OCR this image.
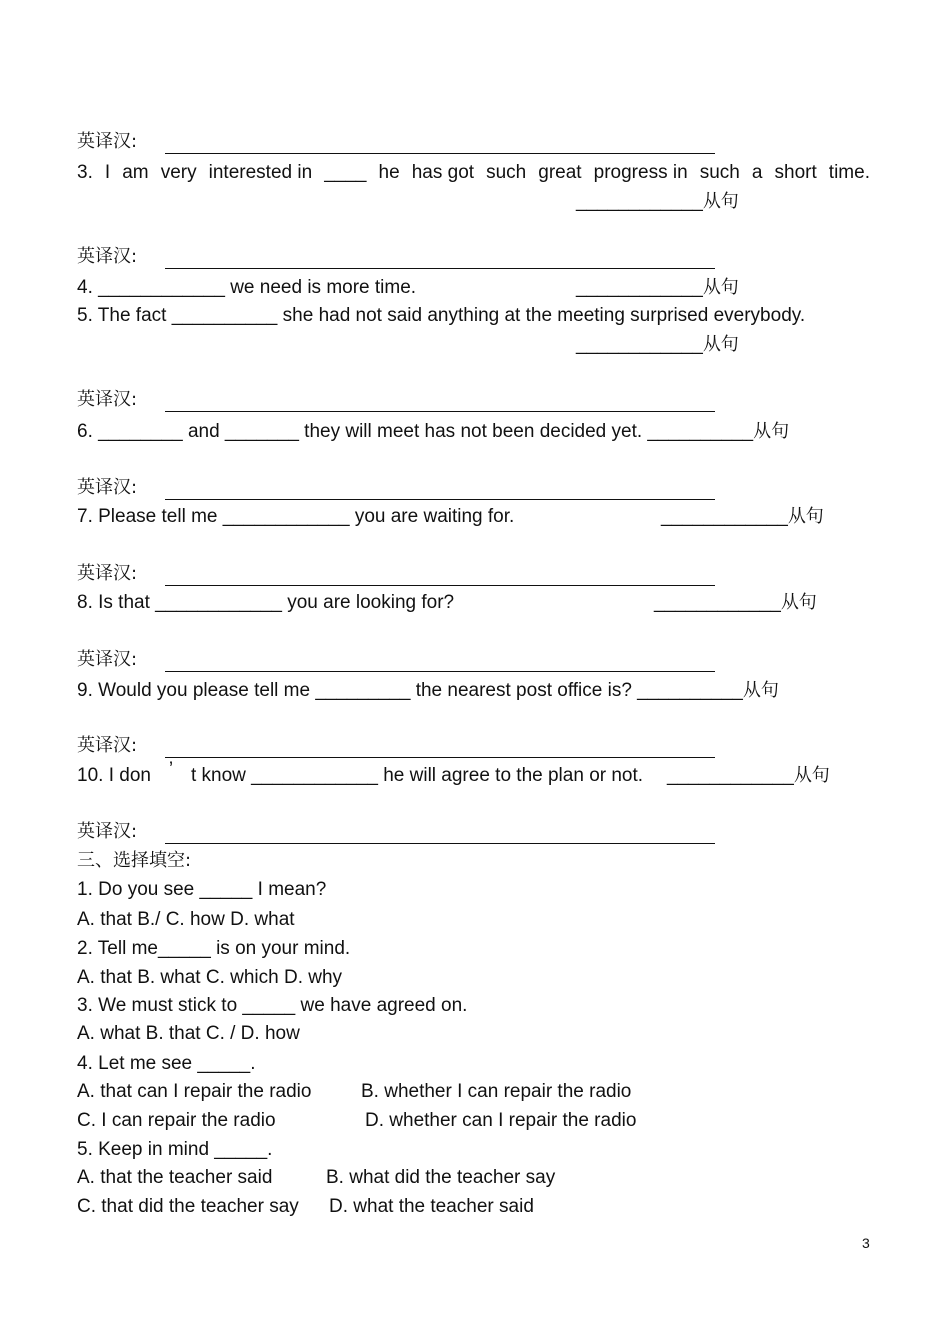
英译汉:
3. I am very interested in ____ he has got such great progress in such a short time.
____________从句
英译汉:
4. ____________ we need is more time.	____________从句
5. The fact __________ she had not said anything at the meeting surprised everybody.
____________从句
英译汉:
6. ________ and _______ they will meet has not been decided yet. __________从句
英译汉:
7. Please tell me ____________ you are waiting for.	____________从句
英译汉:
8. Is that ____________ you are looking for?	____________从句
英译汉:
9. Would you please tell me _________ the nearest post office is? __________从句
英译汉:
10. I don ’ t know ____________ he will agree to the plan or not. ____________从句
英译汉:
三、选择填空:
1. Do you see _____ I mean?
A. that B./ C. how D. what
2. Tell me_____ is on your mind.
A. that B. what C. which D. why
3. We must stick to _____ we have agreed on.
A. what B. that C. / D. how
4. Let me see _____.
A. that can I repair the radio	B. whether I can repair the radio
C. I can repair the radio	D. whether can I repair the radio
5. Keep in mind _____.
A. that the teacher said	B. what did the teacher say
C. that did the teacher say D. what the teacher said
3
